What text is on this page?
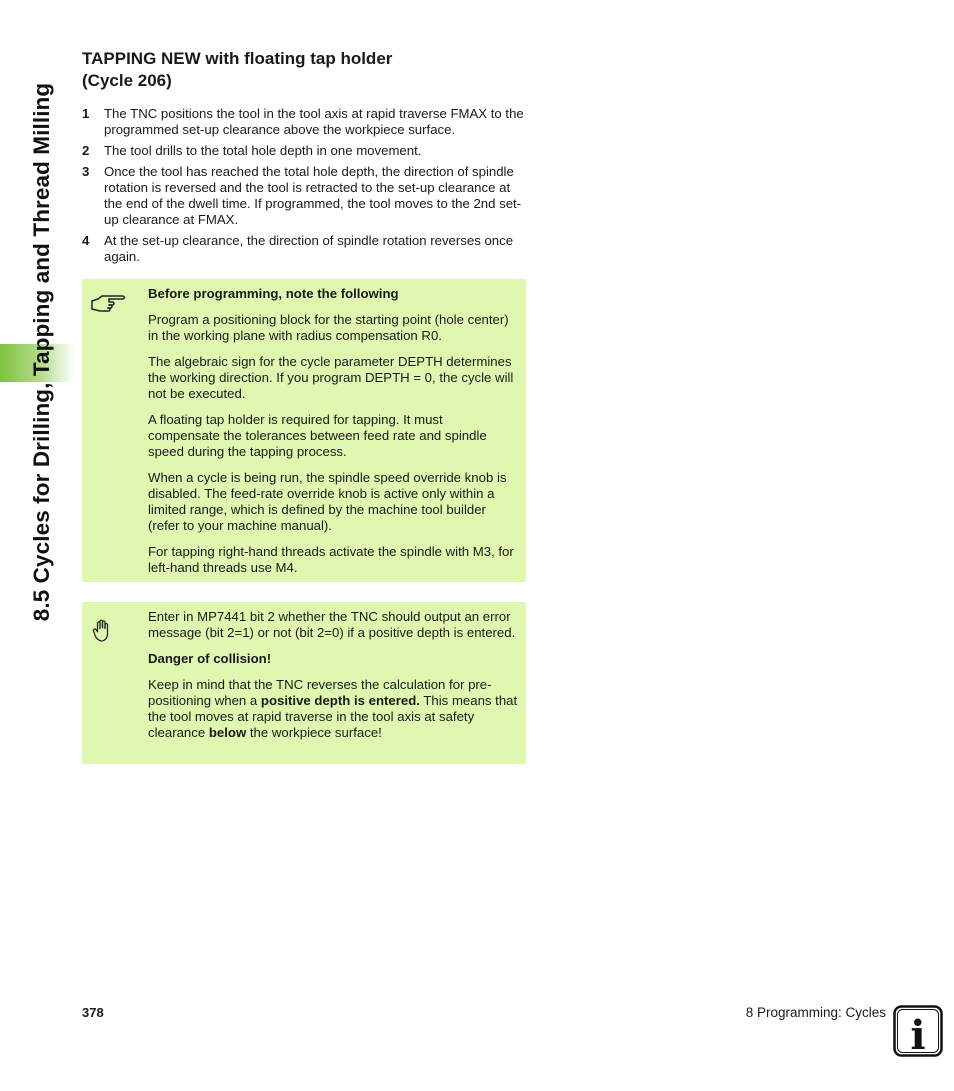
8.5 Cycles for Drilling, Tapping and Thread Milling
TAPPING NEW with floating tap holder
(Cycle 206)
1	The TNC positions the tool in the tool axis at rapid traverse FMAX to the programmed set-up clearance above the workpiece surface.
2	The tool drills to the total hole depth in one movement.
3	Once the tool has reached the total hole depth, the direction of spindle rotation is reversed and the tool is retracted to the set-up clearance at the end of the dwell time. If programmed, the tool moves to the 2nd set-up clearance at FMAX.
4	At the set-up clearance, the direction of spindle rotation reverses once again.

Before programming, note the following

Program a positioning block for the starting point (hole center) in the working plane with radius compensation R0.

The algebraic sign for the cycle parameter DEPTH determines the working direction. If you program DEPTH = 0, the cycle will not be executed.

A floating tap holder is required for tapping. It must compensate the tolerances between feed rate and spindle speed during the tapping process.

When a cycle is being run, the spindle speed override knob is disabled. The feed-rate override knob is active only within a limited range, which is defined by the machine tool builder (refer to your machine manual).

For tapping right-hand threads activate the spindle with M3, for left-hand threads use M4.

Enter in MP7441 bit 2 whether the TNC should output an error message (bit 2=1) or not (bit 2=0) if a positive depth is entered.

Danger of collision!

Keep in mind that the TNC reverses the calculation for pre-positioning when a positive depth is entered. This means that the tool moves at rapid traverse in the tool axis at safety clearance below the workpiece surface!

378	8 Programming: Cycles i
